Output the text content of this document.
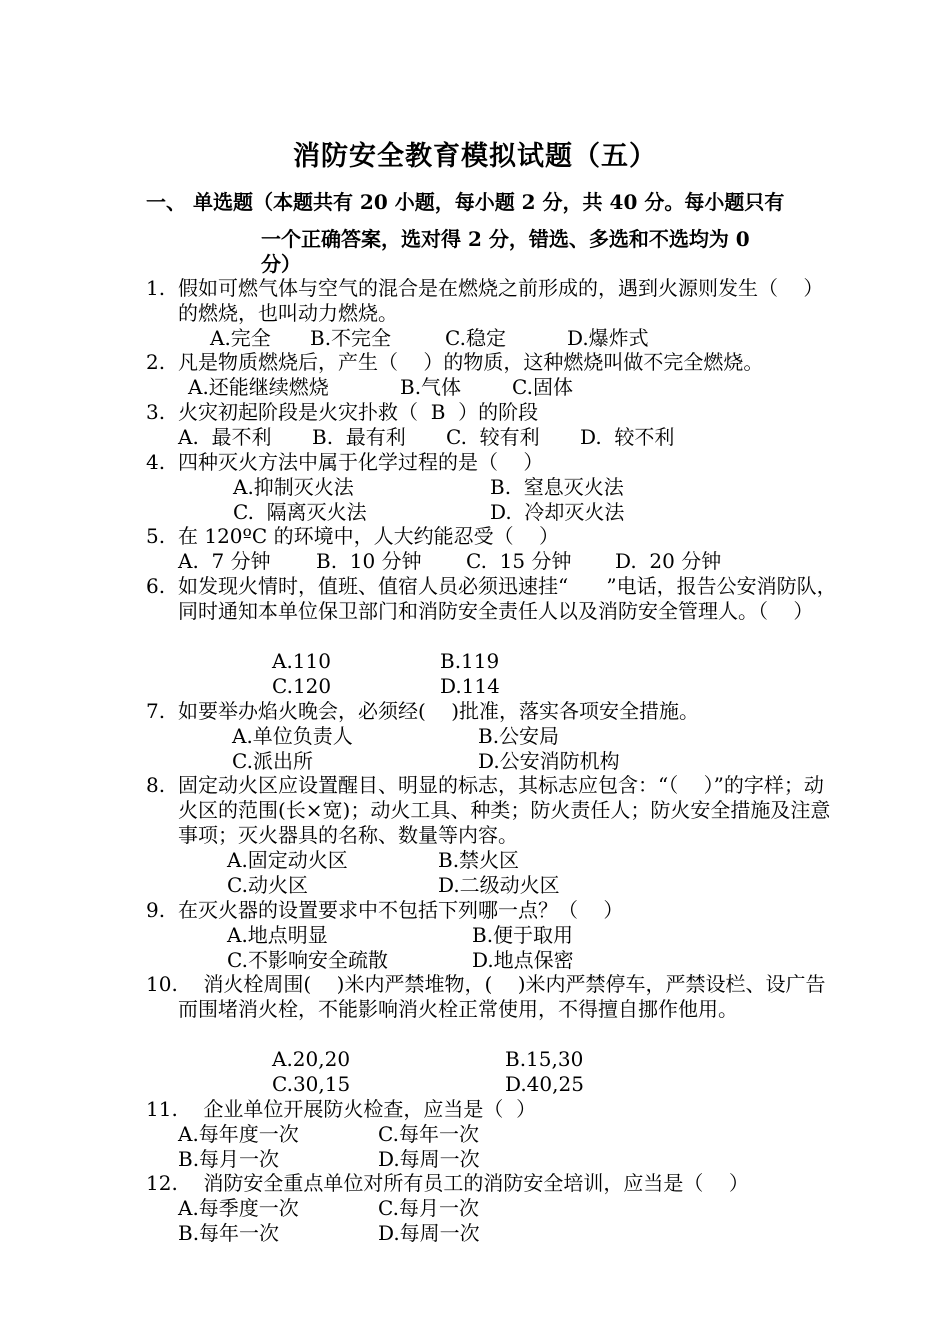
消防安全教育模拟试题（五）
一、 单选题（本题共有 20 小题，每小题 2 分，共 40 分。每小题只有
一个正确答案，选对得 2 分，错选、多选和不选均为 0
分）
1. 假如可燃气体与空气的混合是在燃烧之前形成的，遇到火源则发生（    ）的燃烧，也叫动力燃烧。
A.完全 B.不完全	C.稳定	D.爆炸式
2. 凡是物质燃烧后，产生（    ）的物质，这种燃烧叫做不完全燃烧。
A.还能继续燃烧	B.气体	C.固体
3. 火灾初起阶段是火灾扑救（  B  ）的阶段
A.  最不利 B.  最有利 C.  较有利 D.  较不利
4. 四种灭火方法中属于化学过程的是（    ）
A.抑制灭火法	B.  窒息灭火法
C.  隔离灭火法	D.  冷却灭火法
5. 在 120ºC 的环境中，人大约能忍受（    ）
A.  7 分钟 B.  10 分钟 C.  15 分钟 D.  20 分钟
6. 如发现火情时，值班、值宿人员必须迅速挂“      ”电话，报告公安消防队，同时通知本单位保卫部门和消防安全责任人以及消防安全管理人。（    ）
A.110	B.119
C.120	D.114
7. 如要举办焰火晚会，必须经(    )批准，落实各项安全措施。
A.单位负责人	B.公安局
C.派出所	D.公安消防机构
8. 固定动火区应设置醒目、明显的标志，其标志应包含：“（    ）”的字样；动火区的范围(长×宽)；动火工具、种类；防火责任人；防火安全措施及注意事项；灭火器具的名称、数量等内容。
A.固定动火区	B.禁火区
C.动火区	D.二级动火区
9. 在灭火器的设置要求中不包括下列哪一点？（    ）
A.地点明显	B.便于取用
C.不影响安全疏散	D.地点保密
10. 消火栓周围(    )米内严禁堆物，(    )米内严禁停车，严禁设栏、设广告而围堵消火栓，不能影响消火栓正常使用，不得擅自挪作他用。
A.20,20	B.15,30
C.30,15	D.40,25
11. 企业单位开展防火检查，应当是（  ）
A.每年度一次	C.每年一次
B.每月一次	D.每周一次
12. 消防安全重点单位对所有员工的消防安全培训，应当是（    ）
A.每季度一次	C.每月一次
B.每年一次	D.每周一次
